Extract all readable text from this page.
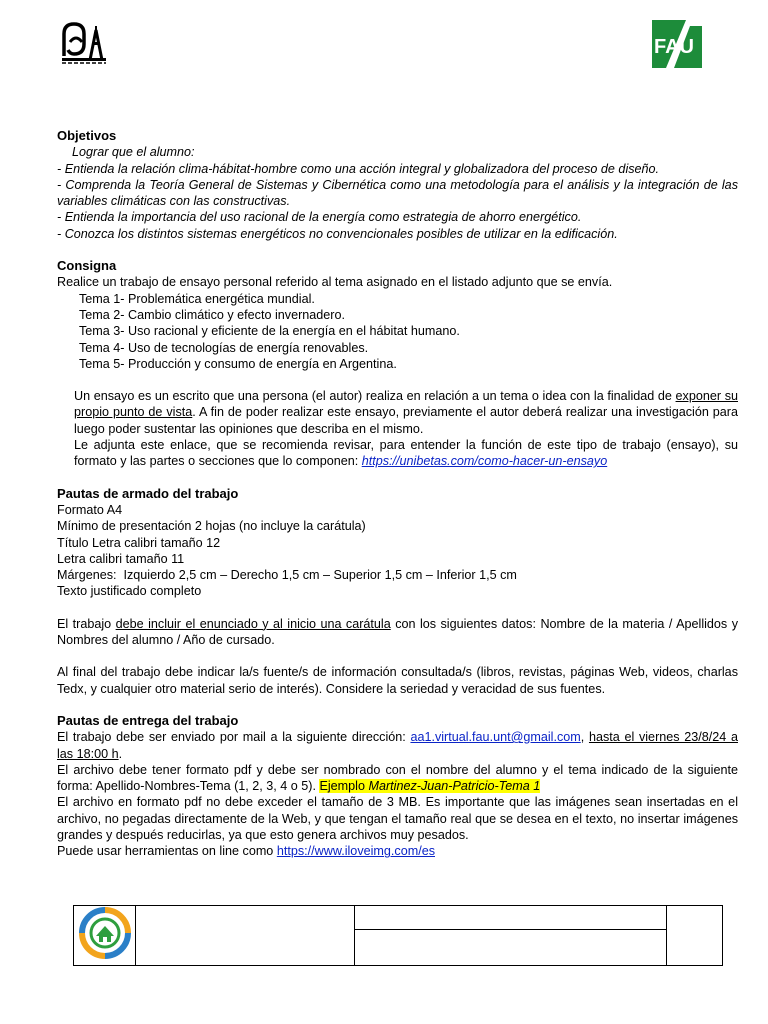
FAU

Objetivos

Lograr que el alumno:

- Entienda la relación clima-hábitat-hombre como una acción integral y globalizadora del proceso de diseño.

- Comprenda la Teoría General de Sistemas y Cibernética como una metodología para el análisis y la integración de las variables climáticas con las constructivas.

- Entienda la importancia del uso racional de la energía como estrategia de ahorro energético.

- Conozca los distintos sistemas energéticos no convencionales posibles de utilizar en la edificación.

Consigna

Realice un trabajo de ensayo personal referido al tema asignado en el listado adjunto que se envía.

Tema 1- Problemática energética mundial.

Tema 2- Cambio climático y efecto invernadero.

Tema 3- Uso racional y eficiente de la energía en el hábitat humano.

Tema 4- Uso de tecnologías de energía renovables.

Tema 5- Producción y consumo de energía en Argentina.

Un ensayo es un escrito que una persona (el autor) realiza en relación a un tema o idea con la finalidad de exponer su propio punto de vista. A fin de poder realizar este ensayo, previamente el autor deberá realizar una investigación para luego poder sustentar las opiniones que describa en el mismo.

Le adjunta este enlace, que se recomienda revisar, para entender la función de este tipo de trabajo (ensayo), su formato y las partes o secciones que lo componen: https://unibetas.com/como-hacer-un-ensayo

Pautas de armado del trabajo

Formato A4

Mínimo de presentación 2 hojas (no incluye la carátula)

Título Letra calibri tamaño 12

Letra calibri tamaño 11

Márgenes:  Izquierdo 2,5 cm – Derecho 1,5 cm – Superior 1,5 cm – Inferior 1,5 cm

Texto justificado completo

El trabajo debe incluir el enunciado y al inicio una carátula con los siguientes datos: Nombre de la materia / Apellidos y Nombres del alumno / Año de cursado.

Al final del trabajo debe indicar la/s fuente/s de información consultada/s (libros, revistas, páginas Web, videos, charlas Tedx, y cualquier otro material serio de interés). Considere la seriedad y veracidad de sus fuentes.

Pautas de entrega del trabajo

El trabajo debe ser enviado por mail a la siguiente dirección: aa1.virtual.fau.unt@gmail.com, hasta el viernes 23/8/24 a las 18:00 h.

El archivo debe tener formato pdf y debe ser nombrado con el nombre del alumno y el tema indicado de la siguiente forma: Apellido-Nombres-Tema (1, 2, 3, 4 o 5). Ejemplo Martinez-Juan-Patricio-Tema 1

El archivo en formato pdf no debe exceder el tamaño de 3 MB. Es importante que las imágenes sean insertadas en el archivo, no pegadas directamente de la Web, y que tengan el tamaño real que se desea en el texto, no insertar imágenes grandes y después reducirlas, ya que esto genera archivos muy pesados.

Puede usar herramientas on line como https://www.iloveimg.com/es
